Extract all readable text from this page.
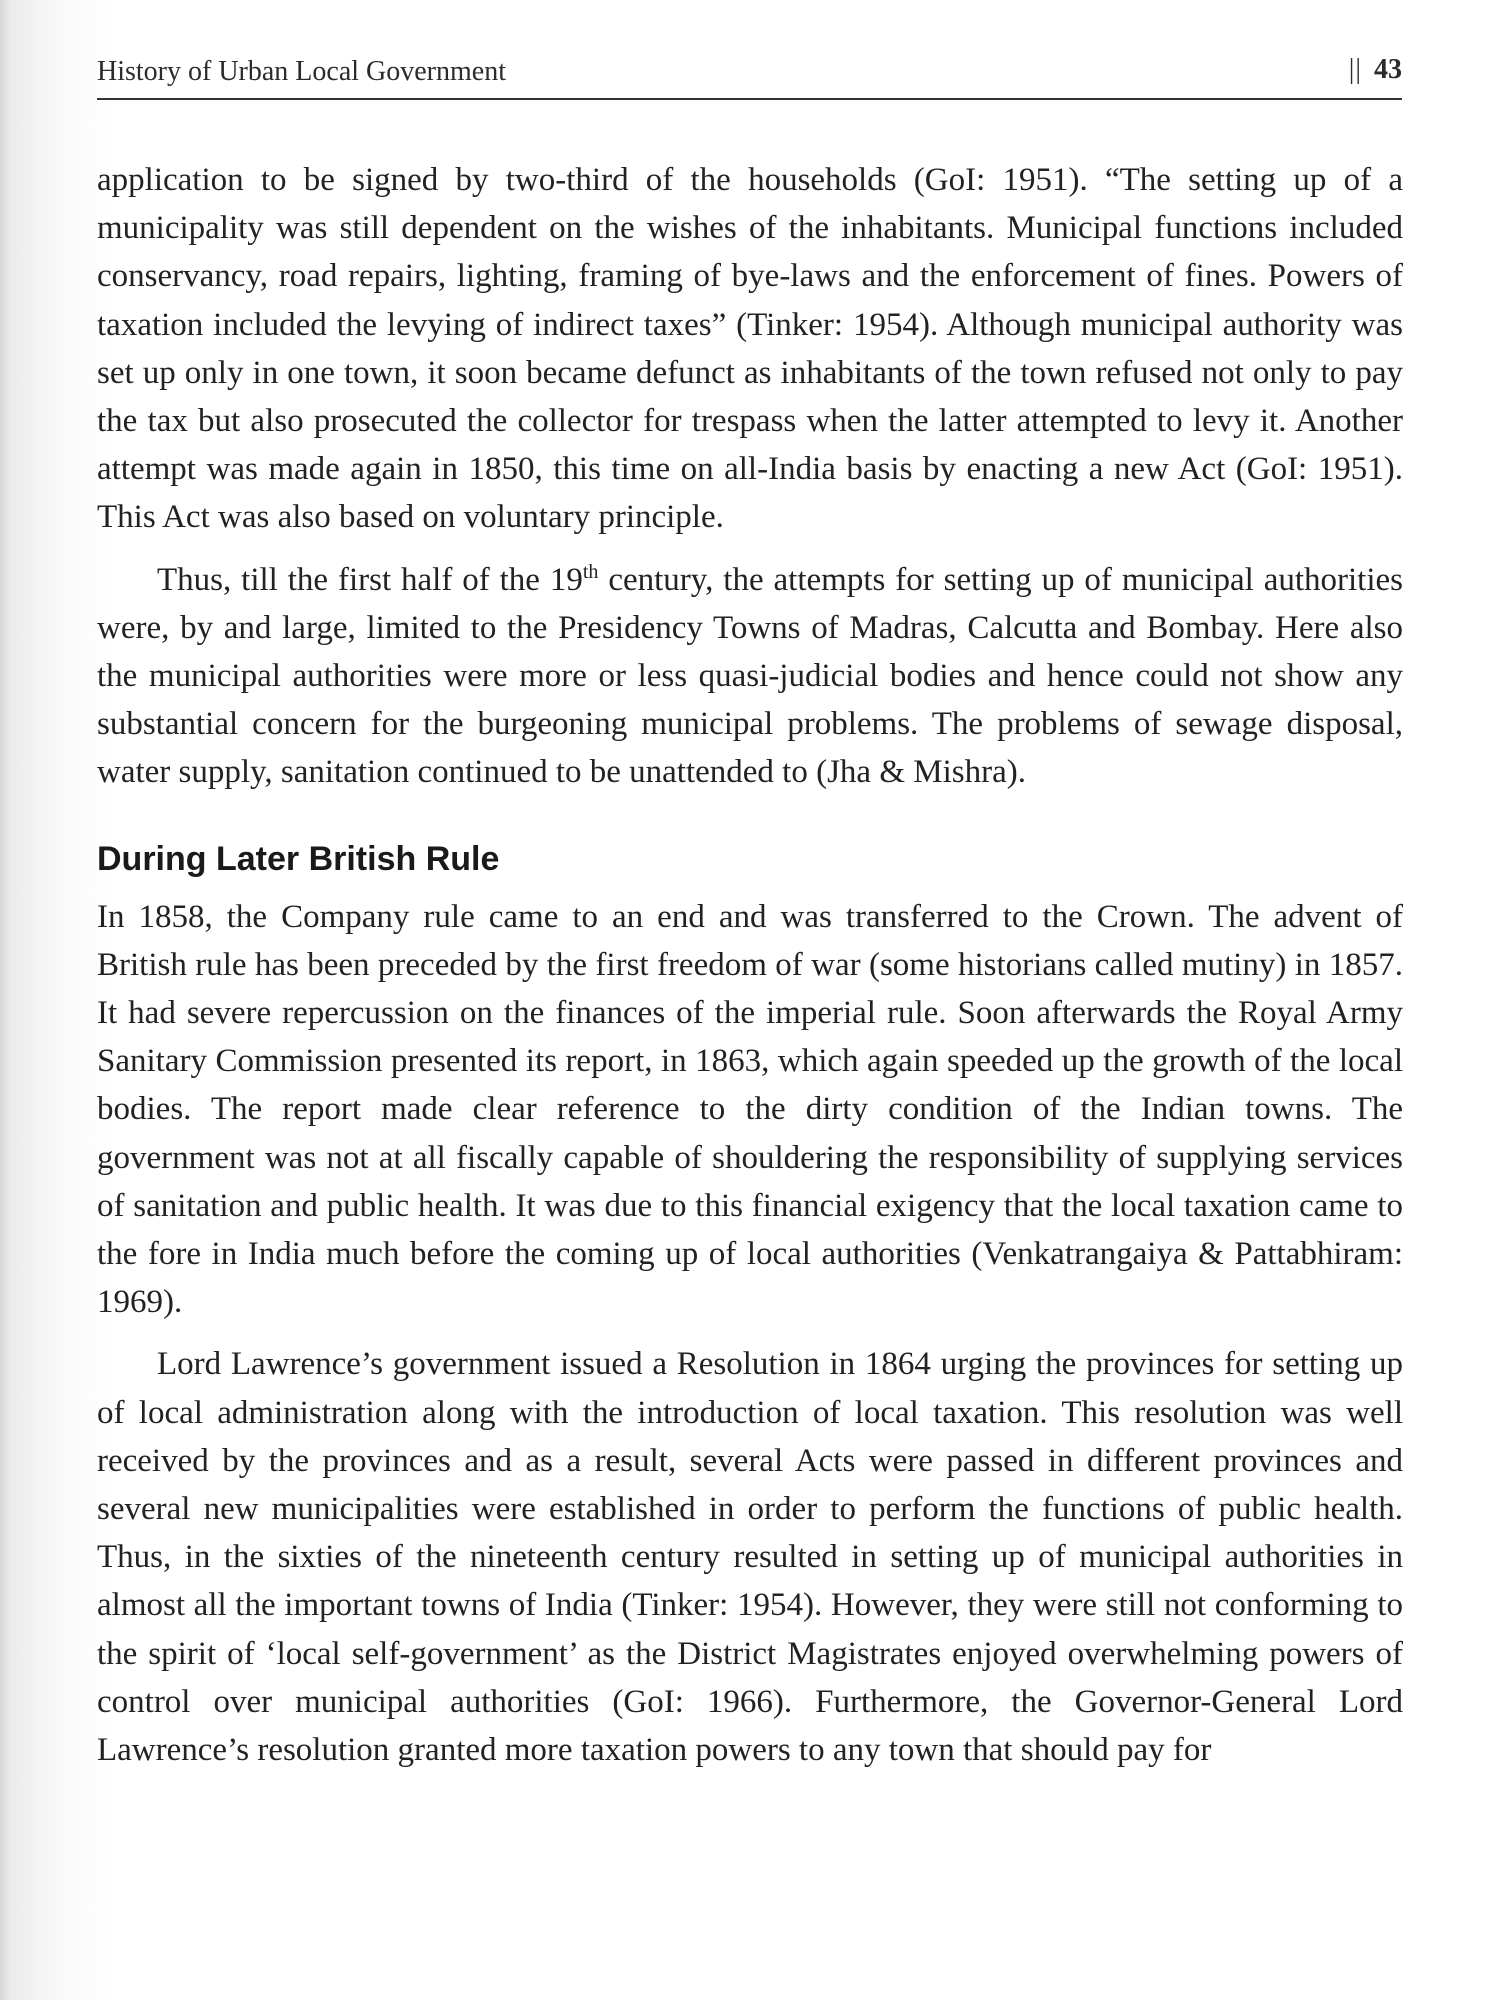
History of Urban Local Government	|| 43

application to be signed by two-third of the households (GoI: 1951). “The setting up of a municipality was still dependent on the wishes of the inhabitants. Municipal functions included conservancy, road repairs, lighting, framing of bye-laws and the enforcement of fines. Powers of taxation included the levying of indirect taxes” (Tinker: 1954). Although municipal authority was set up only in one town, it soon became defunct as inhabitants of the town refused not only to pay the tax but also prosecuted the collector for trespass when the latter attempted to levy it. Another attempt was made again in 1850, this time on all-India basis by enacting a new Act (GoI: 1951). This Act was also based on voluntary principle.

Thus, till the first half of the 19th century, the attempts for setting up of municipal authorities were, by and large, limited to the Presidency Towns of Madras, Calcutta and Bombay. Here also the municipal authorities were more or less quasi-judicial bodies and hence could not show any substantial concern for the burgeoning municipal problems. The problems of sewage disposal, water supply, sanitation continued to be unattended to (Jha & Mishra).

During Later British Rule

In 1858, the Company rule came to an end and was transferred to the Crown. The advent of British rule has been preceded by the first freedom of war (some historians called mutiny) in 1857. It had severe repercussion on the finances of the imperial rule. Soon afterwards the Royal Army Sanitary Commission presented its report, in 1863, which again speeded up the growth of the local bodies. The report made clear reference to the dirty condition of the Indian towns. The government was not at all fiscally capable of shouldering the responsibility of supplying services of sanitation and public health. It was due to this financial exigency that the local taxation came to the fore in India much before the coming up of local authorities (Venkatrangaiya & Pattabhiram: 1969).

Lord Lawrence’s government issued a Resolution in 1864 urging the provinces for setting up of local administration along with the introduction of local taxation. This resolution was well received by the provinces and as a result, several Acts were passed in different provinces and several new municipalities were established in order to perform the functions of public health. Thus, in the sixties of the nineteenth century resulted in setting up of municipal authorities in almost all the important towns of India (Tinker: 1954). However, they were still not conforming to the spirit of ‘local self-government’ as the District Magistrates enjoyed overwhelming powers of control over municipal authorities (GoI: 1966). Furthermore, the Governor-General Lord Lawrence’s resolution granted more taxation powers to any town that should pay for
